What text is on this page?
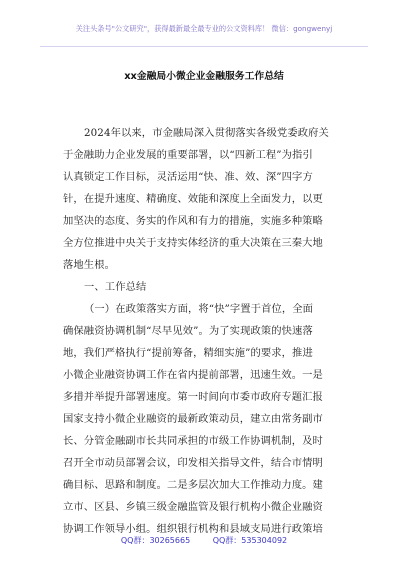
关注头条号"公文研究"，获得最新最全最专业的公文资料库！ 微信：gongwenyj
xx金融局小微企业金融服务工作总结
2024年以来，市金融局深入贯彻落实各级党委政府关
于金融助力企业发展的重要部署，以“四新工程”为指引
认真锁定工作目标，灵活运用“快、准、效、深”四字方
针，在提升速度、精确度、效能和深度上全面发力，以更
加坚决的态度、务实的作风和有力的措施，实施多种策略
全方位推进中央关于支持实体经济的重大决策在三秦大地
落地生根。
一、工作总结
（一）在政策落实方面，将“快”字置于首位，全面
确保融资协调机制“尽早见效”。为了实现政策的快速落
地，我们严格执行“提前筹备，精细实施”的要求，推进
小微企业融资协调工作在省内提前部署，迅速生效。一是
多措并举提升部署速度。第一时间向市委市政府专题汇报
国家支持小微企业融资的最新政策动员，建立由常务副市
长、分管金融副市长共同承担的市级工作协调机制，及时
召开全市动员部署会议，印发相关指导文件，结合市情明
确目标、思路和制度。二是多层次加大工作推动力度。建
立市、区县、乡镇三级金融监管及银行机构小微企业融资
协调工作领导小组。组织银行机构和县域支局进行政策培
QQ群：30265665	QQ群：535304092
